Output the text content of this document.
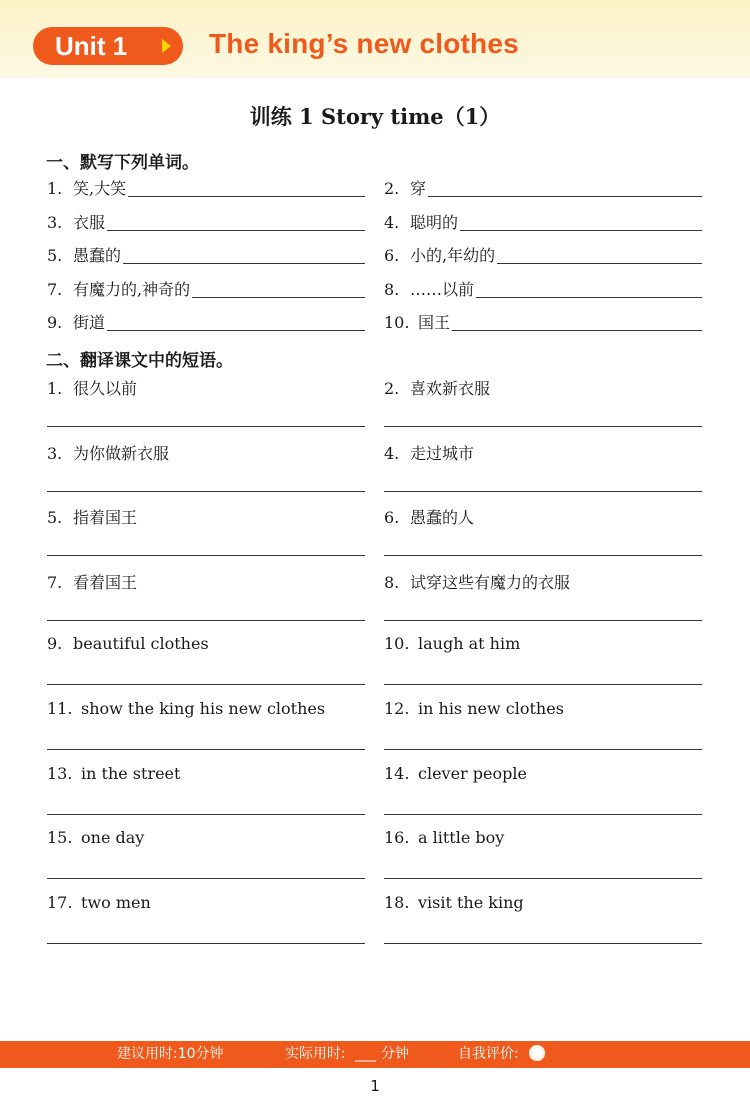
Unit 1	The king’s new clothes
训练 1 Story time（1）
一、默写下列单词。
1. 笑,大笑	2. 穿
3. 衣服	4. 聪明的
5. 愚蠢的	6. 小的,年幼的
7. 有魔力的,神奇的	8. ……以前
9. 街道	10. 国王
二、翻译课文中的短语。
1. 很久以前	2. 喜欢新衣服
3. 为你做新衣服	4. 走过城市
5. 指着国王	6. 愚蠢的人
7. 看着国王	8. 试穿这些有魔力的衣服
9. beautiful clothes	10. laugh at him
11. show the king his new clothes	12. in his new clothes
13. in the street	14. clever people
15. one day	16. a little boy
17. two men	18. visit the king
建议用时:10分钟	实际用时: ___ 分钟	自我评价:
1
